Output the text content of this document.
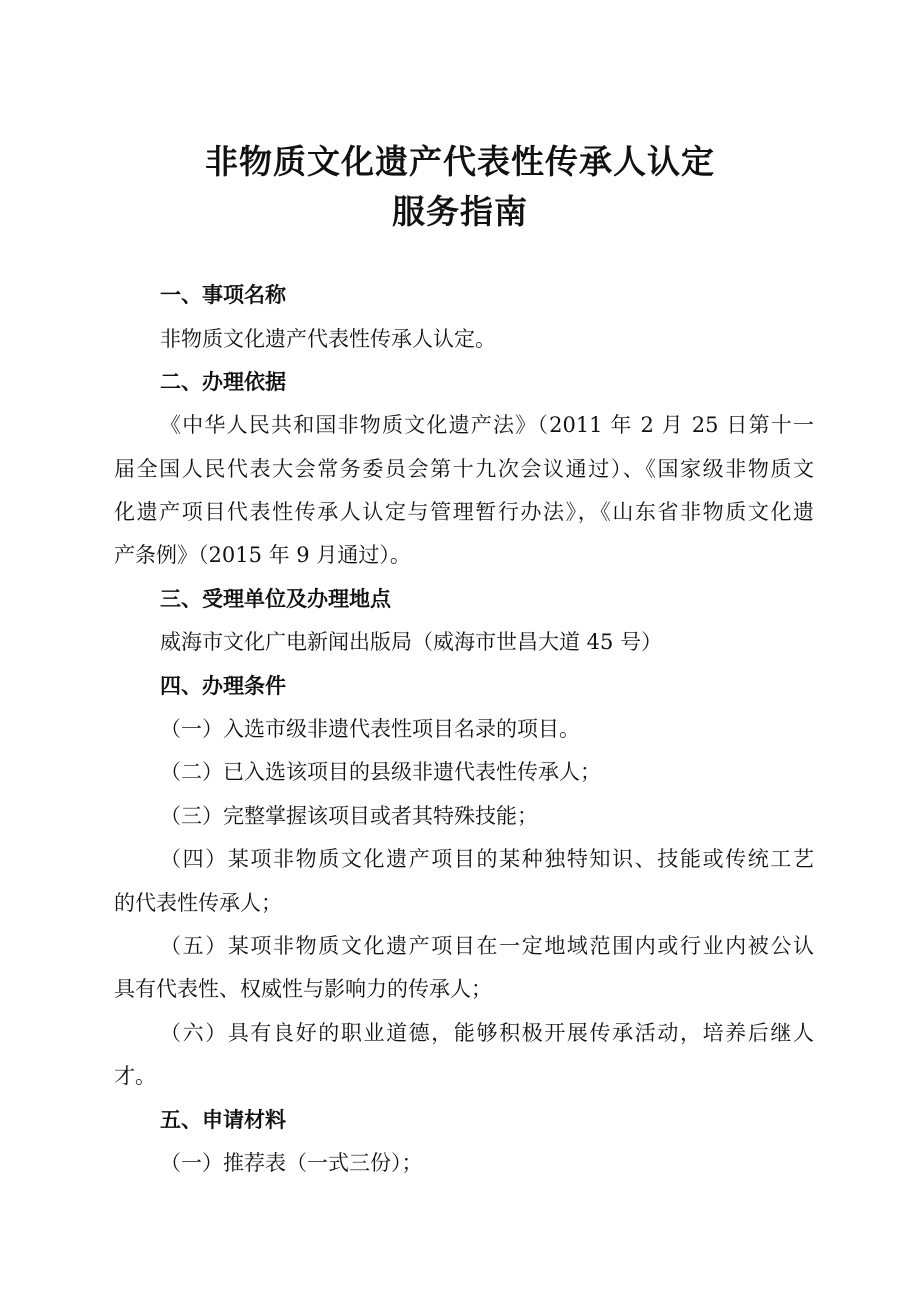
非物质文化遗产代表性传承人认定
服务指南
一、事项名称
非物质文化遗产代表性传承人认定。
二、办理依据
《中华人民共和国非物质文化遗产法》（2011 年 2 月 25 日第十一
届全国人民代表大会常务委员会第十九次会议通过）、《国家级非物质文
化遗产项目代表性传承人认定与管理暂行办法》，《山东省非物质文化遗
产条例》（2015 年 9 月通过）。
三、受理单位及办理地点
威海市文化广电新闻出版局（威海市世昌大道 45 号）
四、办理条件
（一）入选市级非遗代表性项目名录的项目。
（二）已入选该项目的县级非遗代表性传承人；
（三）完整掌握该项目或者其特殊技能；
（四）某项非物质文化遗产项目的某种独特知识、技能或传统工艺
的代表性传承人；
（五）某项非物质文化遗产项目在一定地域范围内或行业内被公认
具有代表性、权威性与影响力的传承人；
（六）具有良好的职业道德，能够积极开展传承活动，培养后继人
才。
五、申请材料
（一）推荐表（一式三份）；
